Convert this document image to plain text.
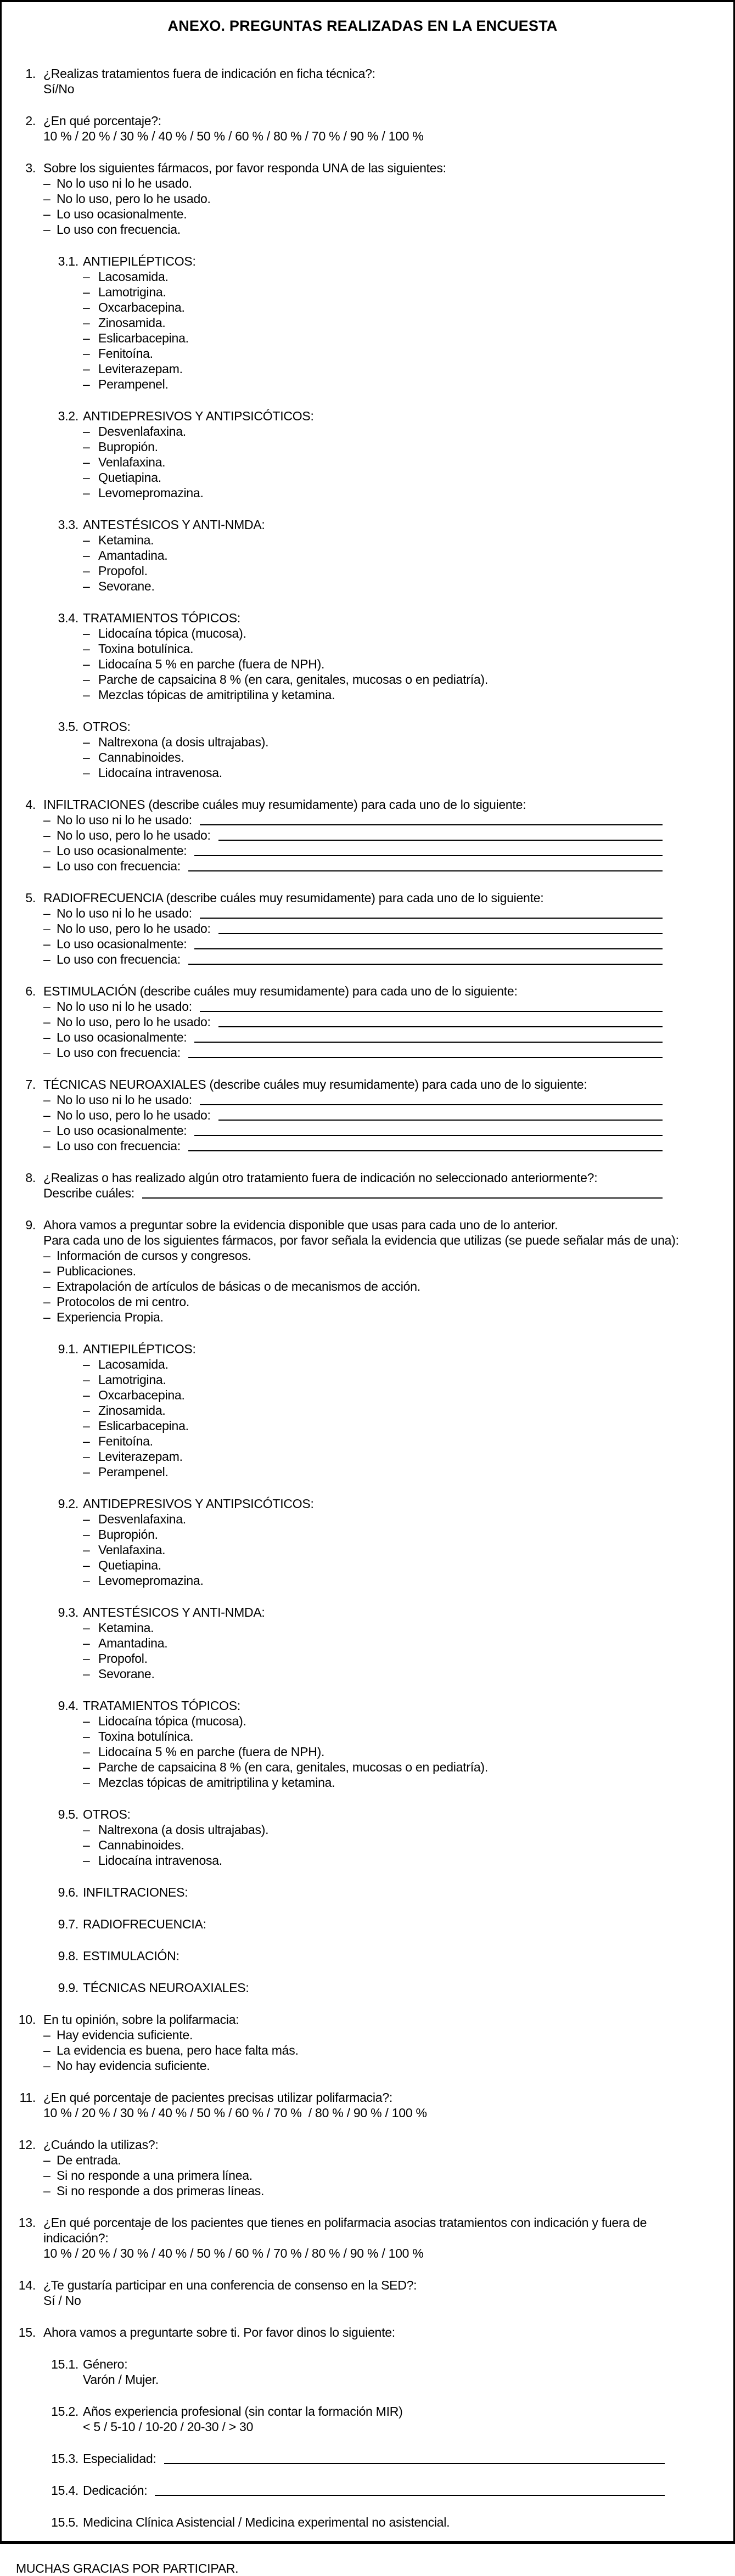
ANEXO. PREGUNTAS REALIZADAS EN LA ENCUESTA
1. ¿Realizas tratamientos fuera de indicación en ficha técnica?:
Sí/No
2. ¿En qué porcentaje?:
10 % / 20 % / 30 % / 40 % / 50 % / 60 % / 80 % / 70 % / 90 % / 100 %
3. Sobre los siguientes fármacos, por favor responda UNA de las siguientes:
– No lo uso ni lo he usado.
– No lo uso, pero lo he usado.
– Lo uso ocasionalmente.
– Lo uso con frecuencia.
3.1. ANTIEPILÉPTICOS:
– Lacosamida.
– Lamotrigina.
– Oxcarbacepina.
– Zinosamida.
– Eslicarbacepina.
– Fenitoína.
– Leviterazepam.
– Perampenel.
3.2. ANTIDEPRESIVOS Y ANTIPSICÓTICOS:
– Desvenlafaxina.
– Bupropión.
– Venlafaxina.
– Quetiapina.
– Levomepromazina.
3.3. ANTESTÉSICOS Y ANTI-NMDA:
– Ketamina.
– Amantadina.
– Propofol.
– Sevorane.
3.4. TRATAMIENTOS TÓPICOS:
– Lidocaína tópica (mucosa).
– Toxina botulínica.
– Lidocaína 5 % en parche (fuera de NPH).
– Parche de capsaicina 8 % (en cara, genitales, mucosas o en pediatría).
– Mezclas tópicas de amitriptilina y ketamina.
3.5. OTROS:
– Naltrexona (a dosis ultrajabas).
– Cannabinoides.
– Lidocaína intravenosa.
4. INFILTRACIONES (describe cuáles muy resumidamente) para cada uno de lo siguiente:
– No lo uso ni lo he usado:
– No lo uso, pero lo he usado:
– Lo uso ocasionalmente:
– Lo uso con frecuencia:
5. RADIOFRECUENCIA (describe cuáles muy resumidamente) para cada uno de lo siguiente:
– No lo uso ni lo he usado:
– No lo uso, pero lo he usado:
– Lo uso ocasionalmente:
– Lo uso con frecuencia:
6. ESTIMULACIÓN (describe cuáles muy resumidamente) para cada uno de lo siguiente:
– No lo uso ni lo he usado:
– No lo uso, pero lo he usado:
– Lo uso ocasionalmente:
– Lo uso con frecuencia:
7. TÉCNICAS NEUROAXIALES (describe cuáles muy resumidamente) para cada uno de lo siguiente:
– No lo uso ni lo he usado:
– No lo uso, pero lo he usado:
– Lo uso ocasionalmente:
– Lo uso con frecuencia:
8. ¿Realizas o has realizado algún otro tratamiento fuera de indicación no seleccionado anteriormente?:
Describe cuáles:
9. Ahora vamos a preguntar sobre la evidencia disponible que usas para cada uno de lo anterior.
Para cada uno de los siguientes fármacos, por favor señala la evidencia que utilizas (se puede señalar más de una):
– Información de cursos y congresos.
– Publicaciones.
– Extrapolación de artículos de básicas o de mecanismos de acción.
– Protocolos de mi centro.
– Experiencia Propia.
9.1. ANTIEPILÉPTICOS:
– Lacosamida.
– Lamotrigina.
– Oxcarbacepina.
– Zinosamida.
– Eslicarbacepina.
– Fenitoína.
– Leviterazepam.
– Perampenel.
9.2. ANTIDEPRESIVOS Y ANTIPSICÓTICOS:
– Desvenlafaxina.
– Bupropión.
– Venlafaxina.
– Quetiapina.
– Levomepromazina.
9.3. ANTESTÉSICOS Y ANTI-NMDA:
– Ketamina.
– Amantadina.
– Propofol.
– Sevorane.
9.4. TRATAMIENTOS TÓPICOS:
– Lidocaína tópica (mucosa).
– Toxina botulínica.
– Lidocaína 5 % en parche (fuera de NPH).
– Parche de capsaicina 8 % (en cara, genitales, mucosas o en pediatría).
– Mezclas tópicas de amitriptilina y ketamina.
9.5. OTROS:
– Naltrexona (a dosis ultrajabas).
– Cannabinoides.
– Lidocaína intravenosa.
9.6. INFILTRACIONES:
9.7. RADIOFRECUENCIA:
9.8. ESTIMULACIÓN:
9.9. TÉCNICAS NEUROAXIALES:
10. En tu opinión, sobre la polifarmacia:
– Hay evidencia suficiente.
– La evidencia es buena, pero hace falta más.
– No hay evidencia suficiente.
11. ¿En qué porcentaje de pacientes precisas utilizar polifarmacia?:
10 % / 20 % / 30 % / 40 % / 50 % / 60 % / 70 %  / 80 % / 90 % / 100 %
12. ¿Cuándo la utilizas?:
– De entrada.
– Si no responde a una primera línea.
– Si no responde a dos primeras líneas.
13. ¿En qué porcentaje de los pacientes que tienes en polifarmacia asocias tratamientos con indicación y fuera de indicación?:
10 % / 20 % / 30 % / 40 % / 50 % / 60 % / 70 % / 80 % / 90 % / 100 %
14. ¿Te gustaría participar en una conferencia de consenso en la SED?:
Sí / No
15. Ahora vamos a preguntarte sobre ti. Por favor dinos lo siguiente:
15.1. Género:
Varón / Mujer.
15.2. Años experiencia profesional (sin contar la formación MIR)
< 5 / 5-10 / 10-20 / 20-30 / > 30
15.3. Especialidad:
15.4. Dedicación:
15.5. Medicina Clínica Asistencial / Medicina experimental no asistencial.
MUCHAS GRACIAS POR PARTICIPAR.
